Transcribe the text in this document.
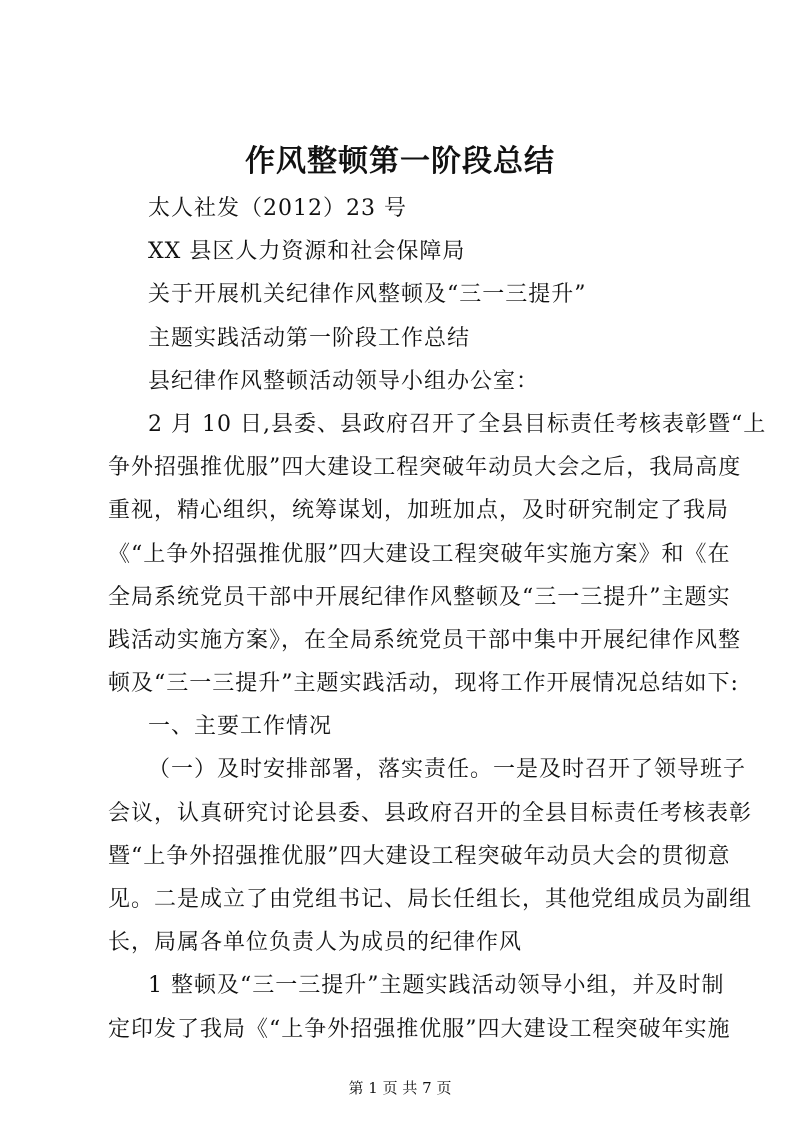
作风整顿第一阶段总结
太人社发（2012）23 号
XX 县区人力资源和社会保障局
关于开展机关纪律作风整顿及“三一三提升”
主题实践活动第一阶段工作总结
县纪律作风整顿活动领导小组办公室：
2 月 10 日,县委、县政府召开了全县目标责任考核表彰暨“上
争外招强推优服”四大建设工程突破年动员大会之后，我局高度
重视，精心组织，统筹谋划，加班加点，及时研究制定了我局
《“上争外招强推优服”四大建设工程突破年实施方案》和《在
全局系统党员干部中开展纪律作风整顿及“三一三提升”主题实
践活动实施方案》，在全局系统党员干部中集中开展纪律作风整
顿及“三一三提升”主题实践活动，现将工作开展情况总结如下:
一、主要工作情况
（一）及时安排部署，落实责任。一是及时召开了领导班子
会议，认真研究讨论县委、县政府召开的全县目标责任考核表彰
暨“上争外招强推优服”四大建设工程突破年动员大会的贯彻意
见。二是成立了由党组书记、局长任组长，其他党组成员为副组
长，局属各单位负责人为成员的纪律作风
1 整顿及“三一三提升”主题实践活动领导小组，并及时制
定印发了我局《“上争外招强推优服”四大建设工程突破年实施
第 1 页 共 7 页
